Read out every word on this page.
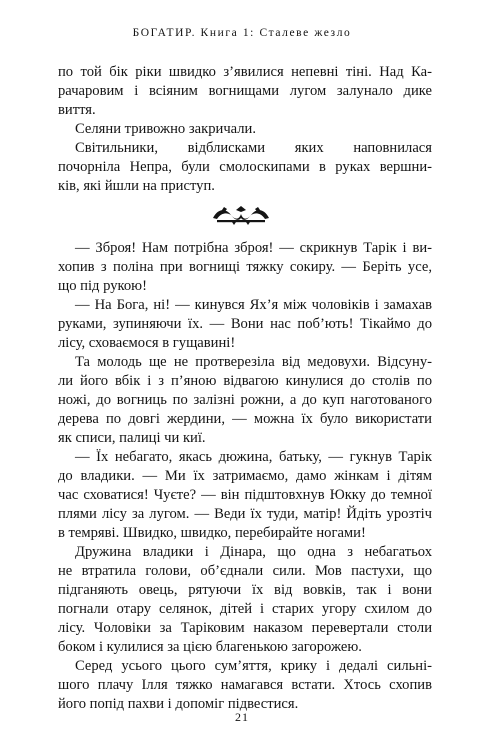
БОГАТИР. Книга 1: Сталеве жезло
по той бік ріки швидко з’явилися непевні тіні. Над Ка-
рачаровим і всіяним вогнищами лугом залунало дике
виття.
Селяни тривожно закричали.
Світильники, відблисками яких наповнилася
почорніла Непра, були смолоскипами в руках вершни-
ків, які йшли на приступ.
— Зброя! Нам потрібна зброя! — скрикнув Тарік і ви-
хопив з поліна при вогнищі тяжку сокиру. — Беріть усе,
що під рукою!
— На Бога, ні! — кинувся Ях’я між чоловіків і замахав
руками, зупиняючи їх. — Вони нас поб’ють! Тікаймо до
лісу, сховаємося в гущавині!
Та молодь ще не протверезіла від медовухи. Відсуну-
ли його вбік і з п’яною відвагою кинулися до столів по
ножі, до вогниць по залізні рожни, а до куп наготованого
дерева по довгі жердини, — можна їх було використати
як списи, палиці чи киї.
— Їх небагато, якась дюжина, батьку, — гукнув Тарік
до владики. — Ми їх затримаємо, дамо жінкам і дітям
час сховатися! Чуєте? — він підштовхнув Юкку до темної
плями лісу за лугом. — Веди їх туди, матір! Йдіть урозтіч
в темряві. Швидко, швидко, перебирайте ногами!
Дружина владики і Дінара, що одна з небагатьох
не втратила голови, об’єднали сили. Мов пастухи, що
підганяють овець, рятуючи їх від вовків, так і вони
погнали отару селянок, дітей і старих угору схилом до
лісу. Чоловіки за Таріковим наказом перевертали столи
боком і кулилися за цією благенькою загорожею.
Серед усього цього сум’яття, крику і дедалі сильні-
шого плачу Ілля тяжко намагався встати. Хтось схопив
його попід пахви і допоміг підвестися.
21
